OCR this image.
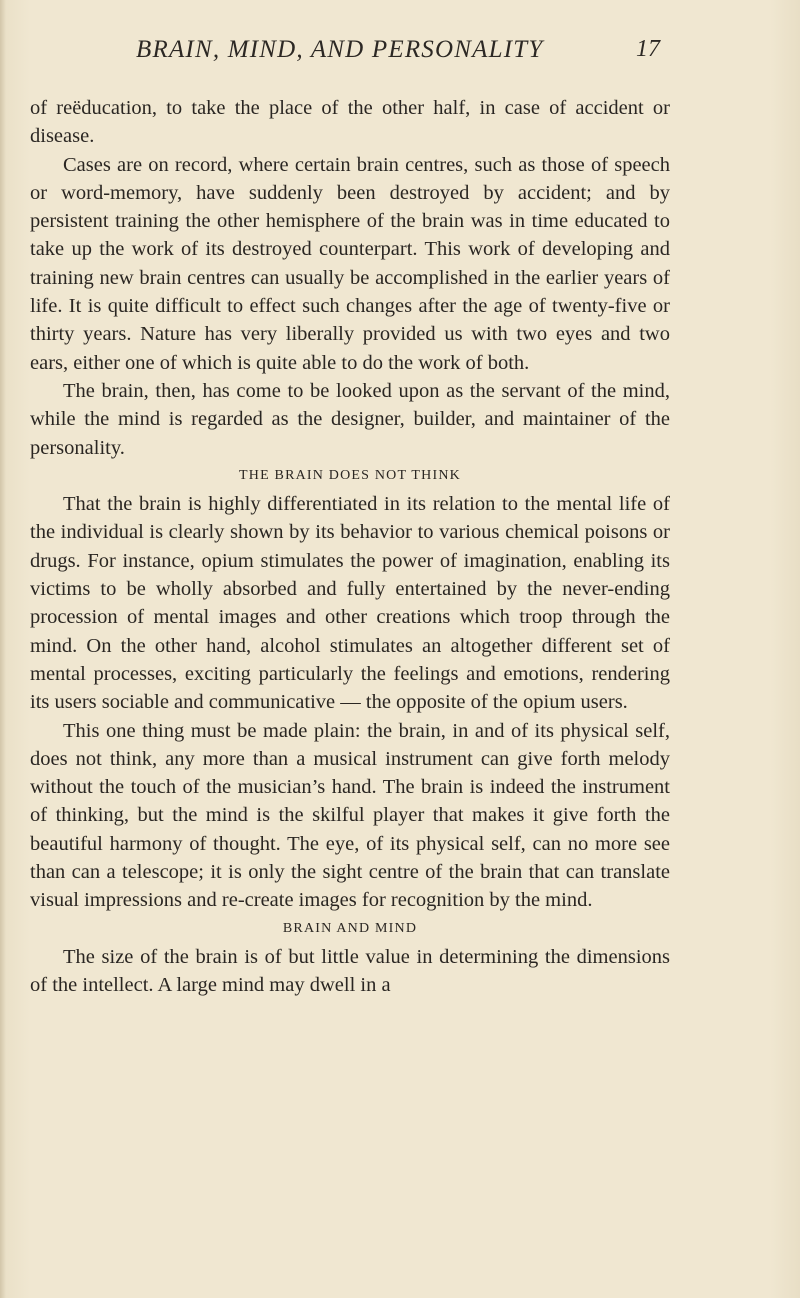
BRAIN, MIND, AND PERSONALITY	17

of reëducation, to take the place of the other half, in case of accident or disease.

Cases are on record, where certain brain centres, such as those of speech or word-memory, have suddenly been destroyed by accident; and by persistent training the other hemisphere of the brain was in time educated to take up the work of its destroyed counterpart. This work of developing and training new brain centres can usually be accomplished in the earlier years of life. It is quite difficult to effect such changes after the age of twenty-five or thirty years. Nature has very liberally provided us with two eyes and two ears, either one of which is quite able to do the work of both.

The brain, then, has come to be looked upon as the servant of the mind, while the mind is regarded as the designer, builder, and maintainer of the personality.

THE BRAIN DOES NOT THINK

That the brain is highly differentiated in its relation to the mental life of the individual is clearly shown by its behavior to various chemical poisons or drugs. For instance, opium stimulates the power of imagination, enabling its victims to be wholly absorbed and fully entertained by the never-ending procession of mental images and other creations which troop through the mind. On the other hand, alcohol stimulates an altogether different set of mental processes, exciting particularly the feelings and emotions, rendering its users sociable and communicative — the opposite of the opium users.

This one thing must be made plain: the brain, in and of its physical self, does not think, any more than a musical instrument can give forth melody without the touch of the musician’s hand. The brain is indeed the instrument of thinking, but the mind is the skilful player that makes it give forth the beautiful harmony of thought. The eye, of its physical self, can no more see than can a telescope; it is only the sight centre of the brain that can translate visual impressions and re-create images for recognition by the mind.

BRAIN AND MIND

The size of the brain is of but little value in determining the dimensions of the intellect. A large mind may dwell in a
